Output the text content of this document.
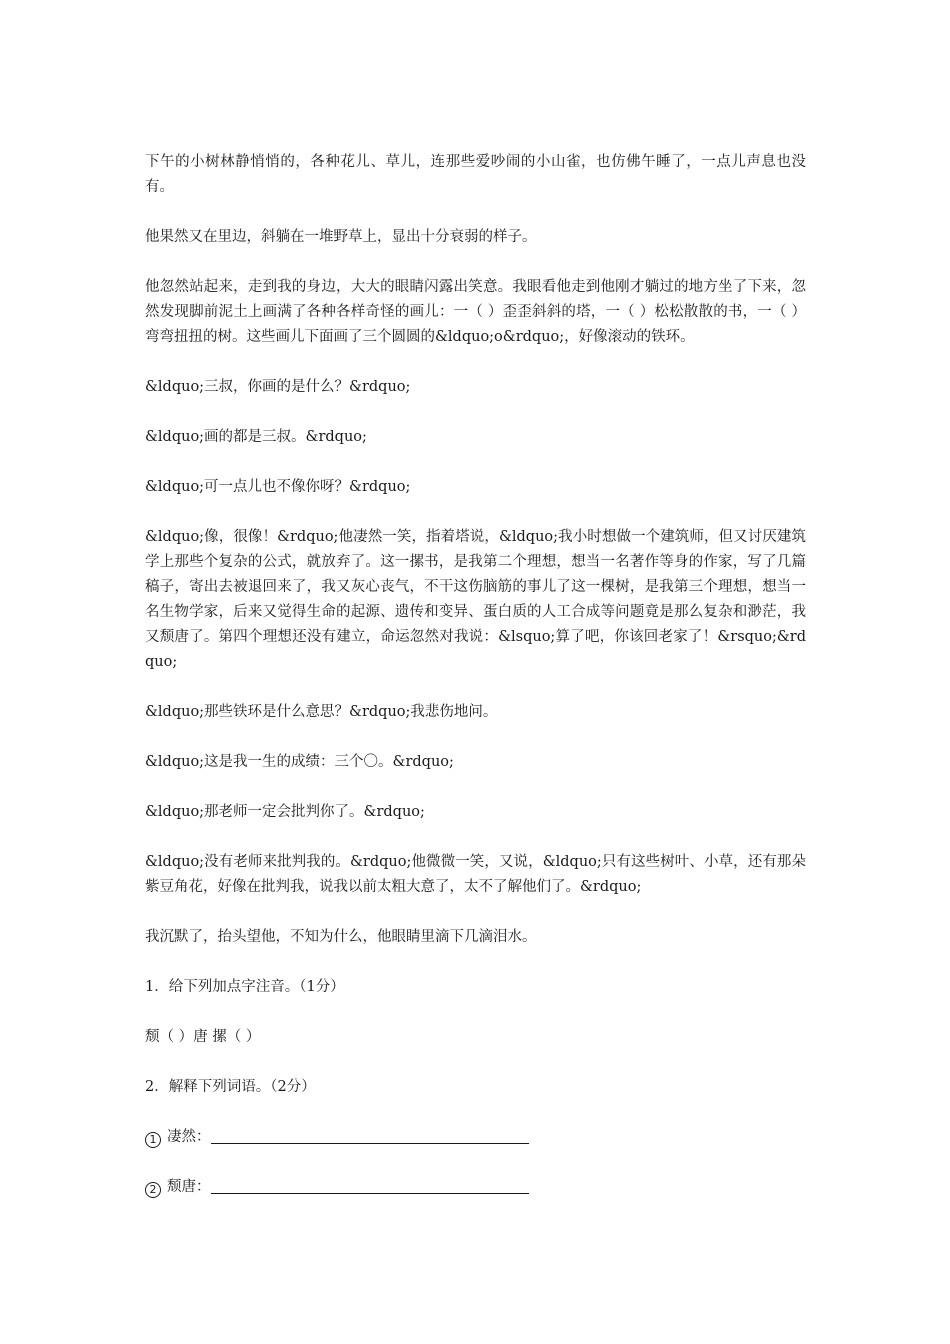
下午的小树林静悄悄的，各种花儿、草儿，连那些爱吵闹的小山雀，也仿佛午睡了，一点儿声息也没有。

他果然又在里边，斜躺在一堆野草上，显出十分衰弱的样子。

他忽然站起来，走到我的身边，大大的眼睛闪露出笑意。我眼看他走到他刚才躺过的地方坐了下来，忽然发现脚前泥土上画满了各种各样奇怪的画儿：一（ ）歪歪斜斜的塔，一（ ）松松散散的书，一（ ）弯弯扭扭的树。这些画儿下面画了三个圆圆的&ldquo;o&rdquo;，好像滚动的铁环。

&ldquo;三叔，你画的是什么？&rdquo;

&ldquo;画的都是三叔。&rdquo;

&ldquo;可一点儿也不像你呀？&rdquo;

&ldquo;像，很像！&rdquo;他凄然一笑，指着塔说，&ldquo;我小时想做一个建筑师，但又讨厌建筑学上那些个复杂的公式，就放弃了。这一摞书，是我第二个理想，想当一名著作等身的作家，写了几篇稿子，寄出去被退回来了，我又灰心丧气，不干这伤脑筋的事儿了这一棵树，是我第三个理想，想当一名生物学家，后来又觉得生命的起源、遗传和变异、蛋白质的人工合成等问题竟是那么复杂和渺茫，我又颓唐了。第四个理想还没有建立，命运忽然对我说：&lsquo;算了吧，你该回老家了！&rsquo;&rdquo;

&ldquo;那些铁环是什么意思？&rdquo;我悲伤地问。

&ldquo;这是我一生的成绩：三个〇。&rdquo;

&ldquo;那老师一定会批判你了。&rdquo;

&ldquo;没有老师来批判我的。&rdquo;他微微一笑，又说，&ldquo;只有这些树叶、小草，还有那朵紫豆角花，好像在批判我，说我以前太粗大意了，太不了解他们了。&rdquo;

我沉默了，抬头望他，不知为什么，他眼睛里滴下几滴泪水。

1．给下列加点字注音。（1分）

颓（ ）唐 摞（ ）

2．解释下列词语。（2分）

1 凄然：

2 颓唐：
